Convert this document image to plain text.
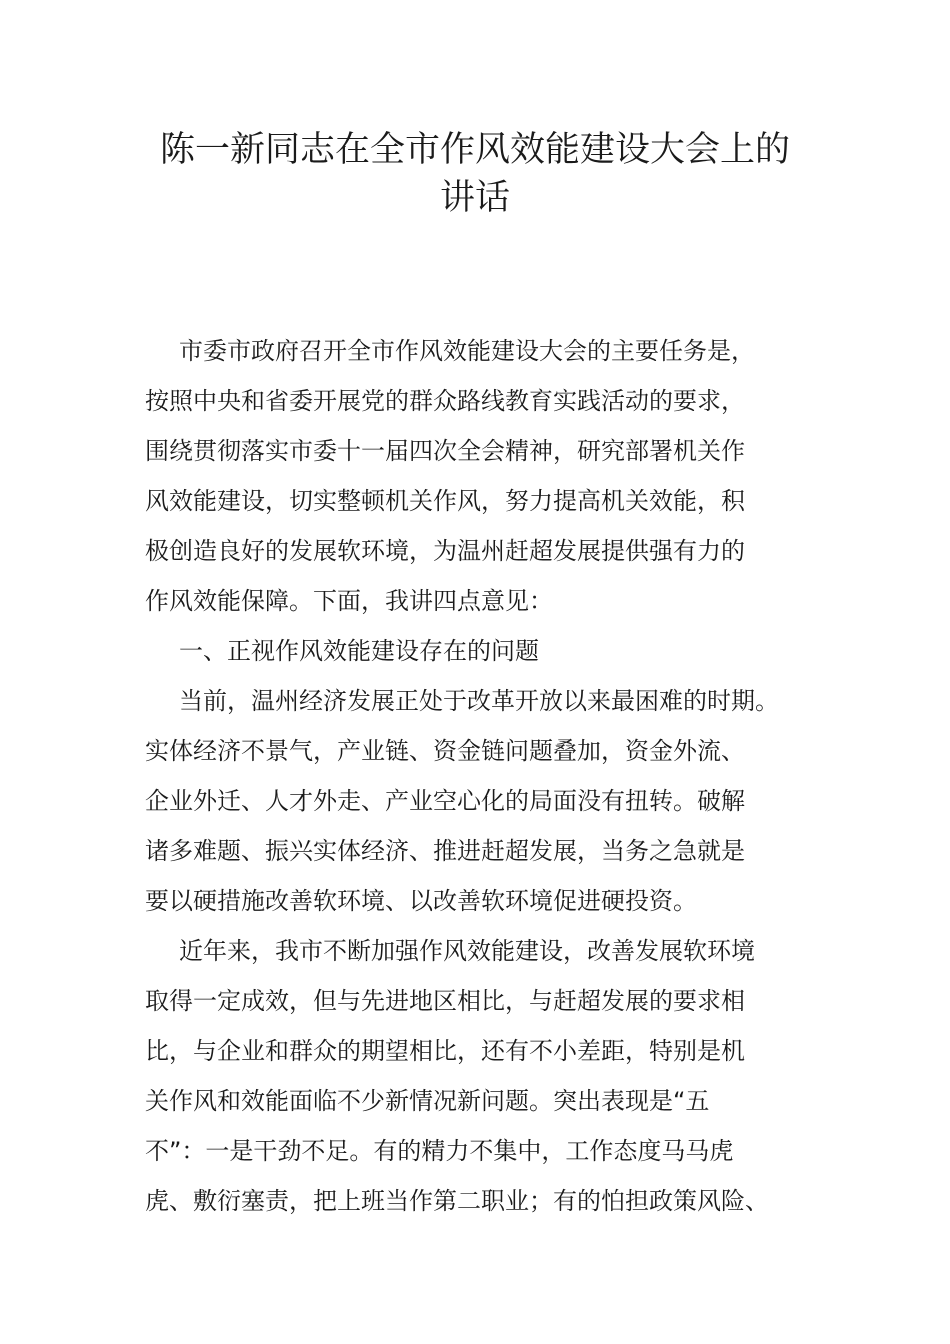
陈一新同志在全市作风效能建设大会上的
讲话
市委市政府召开全市作风效能建设大会的主要任务是，
按照中央和省委开展党的群众路线教育实践活动的要求，
围绕贯彻落实市委十一届四次全会精神，研究部署机关作
风效能建设，切实整顿机关作风，努力提高机关效能，积
极创造良好的发展软环境，为温州赶超发展提供强有力的
作风效能保障。下面，我讲四点意见：
一、正视作风效能建设存在的问题
当前，温州经济发展正处于改革开放以来最困难的时期。
实体经济不景气，产业链、资金链问题叠加，资金外流、
企业外迁、人才外走、产业空心化的局面没有扭转。破解
诸多难题、振兴实体经济、推进赶超发展，当务之急就是
要以硬措施改善软环境、以改善软环境促进硬投资。
近年来，我市不断加强作风效能建设，改善发展软环境
取得一定成效，但与先进地区相比，与赶超发展的要求相
比，与企业和群众的期望相比，还有不小差距，特别是机
关作风和效能面临不少新情况新问题。突出表现是“五
不”：一是干劲不足。有的精力不集中，工作态度马马虎
虎、敷衍塞责，把上班当作第二职业；有的怕担政策风险、
